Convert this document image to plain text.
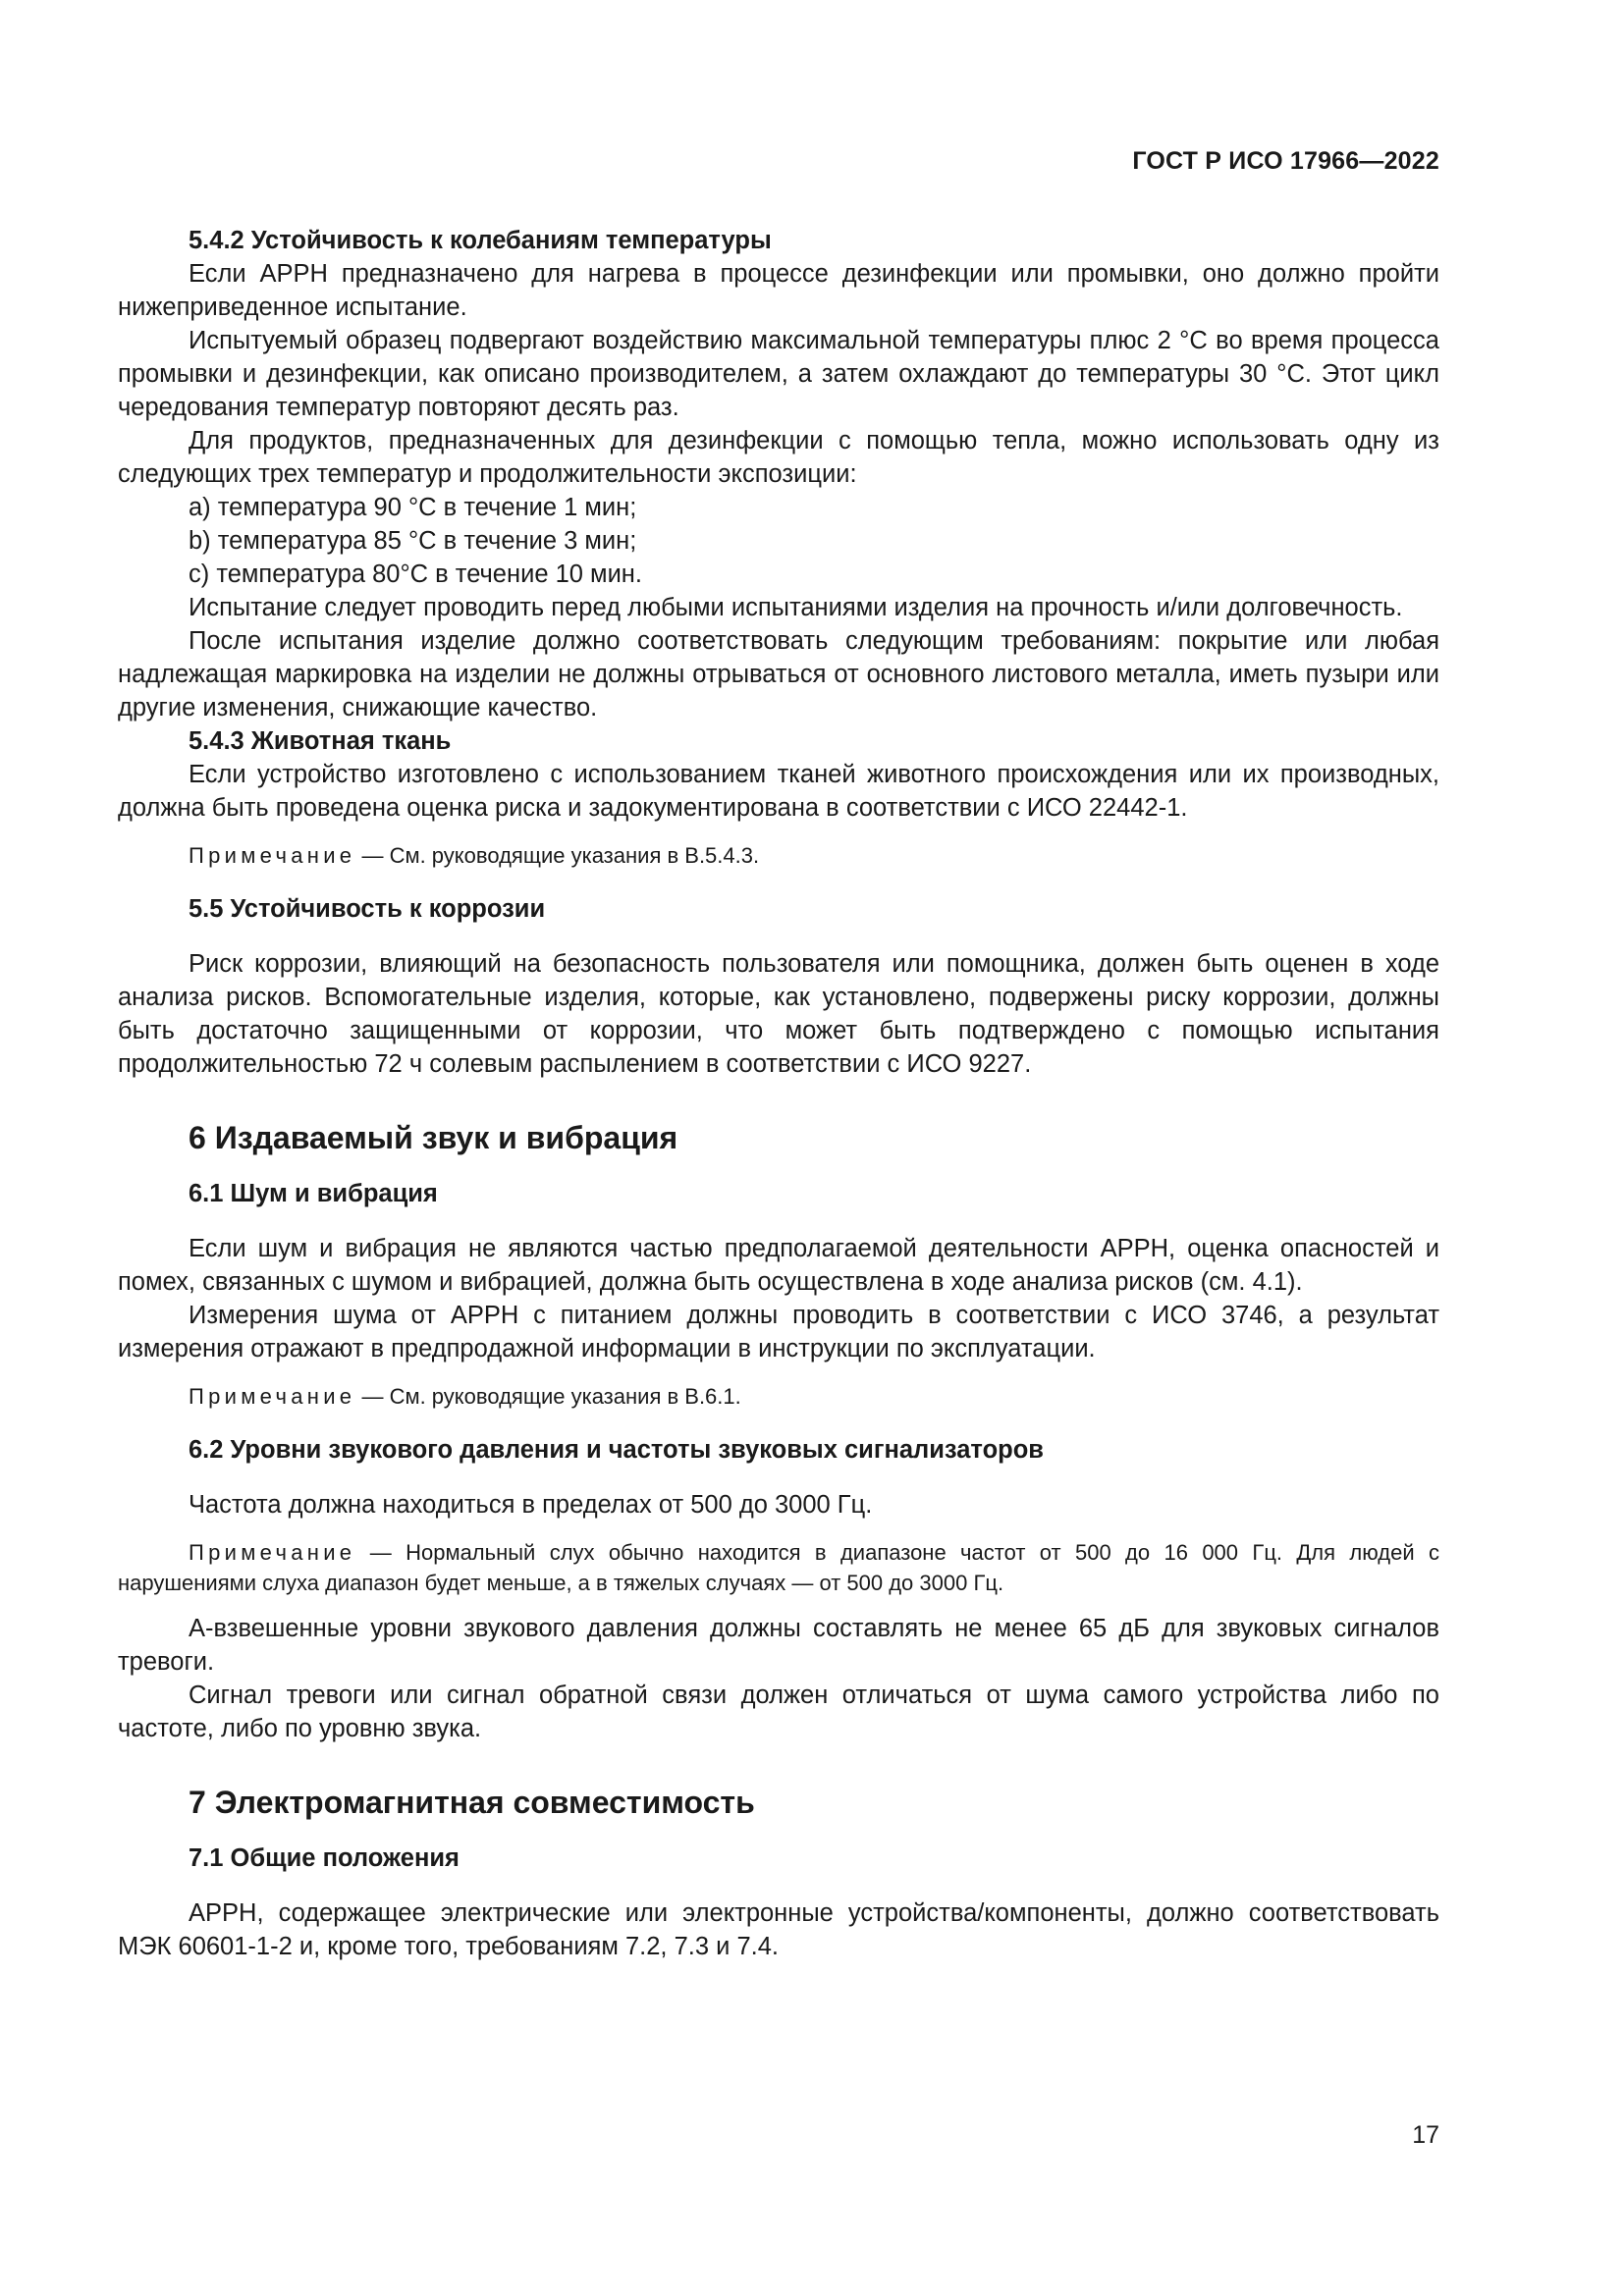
ГОСТ Р ИСО 17966—2022

5.4.2 Устойчивость к колебаниям температуры

Если АРРН предназначено для нагрева в процессе дезинфекции или промывки, оно должно пройти нижеприведенное испытание.

Испытуемый образец подвергают воздействию максимальной температуры плюс 2 °С во время процесса промывки и дезинфекции, как описано производителем, а затем охлаждают до температуры 30 °С. Этот цикл чередования температур повторяют десять раз.

Для продуктов, предназначенных для дезинфекции с помощью тепла, можно использовать одну из следующих трех температур и продолжительности экспозиции:

a) температура 90 °С в течение 1 мин;

b) температура 85 °С в течение 3 мин;

c) температура 80°С в течение 10 мин.

Испытание следует проводить перед любыми испытаниями изделия на прочность и/или долговечность.

После испытания изделие должно соответствовать следующим требованиям: покрытие или любая надлежащая маркировка на изделии не должны отрываться от основного листового металла, иметь пузыри или другие изменения, снижающие качество.

5.4.3 Животная ткань

Если устройство изготовлено с использованием тканей животного происхождения или их производных, должна быть проведена оценка риска и задокументирована в соответствии с ИСО 22442-1.

Примечание — См. руководящие указания в В.5.4.3.

5.5 Устойчивость к коррозии

Риск коррозии, влияющий на безопасность пользователя или помощника, должен быть оценен в ходе анализа рисков. Вспомогательные изделия, которые, как установлено, подвержены риску коррозии, должны быть достаточно защищенными от коррозии, что может быть подтверждено с помощью испытания продолжительностью 72 ч солевым распылением в соответствии с ИСО 9227.

6 Издаваемый звук и вибрация

6.1 Шум и вибрация

Если шум и вибрация не являются частью предполагаемой деятельности АРРН, оценка опасностей и помех, связанных с шумом и вибрацией, должна быть осуществлена в ходе анализа рисков (см. 4.1).

Измерения шума от АРРН с питанием должны проводить в соответствии с ИСО 3746, а результат измерения отражают в предпродажной информации в инструкции по эксплуатации.

Примечание — См. руководящие указания в В.6.1.

6.2 Уровни звукового давления и частоты звуковых сигнализаторов

Частота должна находиться в пределах от 500 до 3000 Гц.

Примечание — Нормальный слух обычно находится в диапазоне частот от 500 до 16 000 Гц. Для людей с нарушениями слуха диапазон будет меньше, а в тяжелых случаях — от 500 до 3000 Гц.

А-взвешенные уровни звукового давления должны составлять не менее 65 дБ для звуковых сигналов тревоги.

Сигнал тревоги или сигнал обратной связи должен отличаться от шума самого устройства либо по частоте, либо по уровню звука.

7 Электромагнитная совместимость

7.1 Общие положения

АРРН, содержащее электрические или электронные устройства/компоненты, должно соответствовать МЭК 60601-1-2 и, кроме того, требованиям 7.2, 7.3 и 7.4.

17
